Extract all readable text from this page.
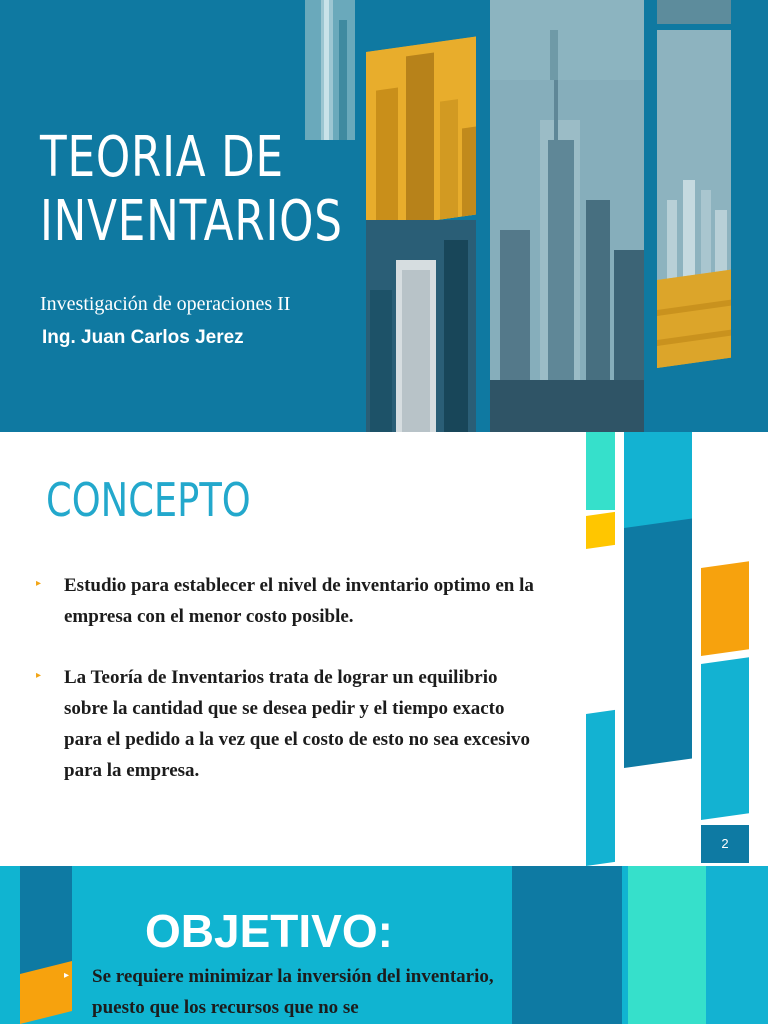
TEORIA DE
INVENTARIOS
Investigación de operaciones II
Ing. Juan Carlos Jerez
CONCEPTO
▸ Estudio para establecer el nivel de inventario optimo en la empresa con el menor costo posible.
▸ La Teoría de Inventarios trata de lograr un equilibrio sobre la cantidad que se desea pedir y el tiempo exacto para el pedido a la vez que el costo de esto no sea excesivo para la empresa.
2
OBJETIVO:
▸ Se requiere minimizar la inversión del inventario, puesto que los recursos que no se
